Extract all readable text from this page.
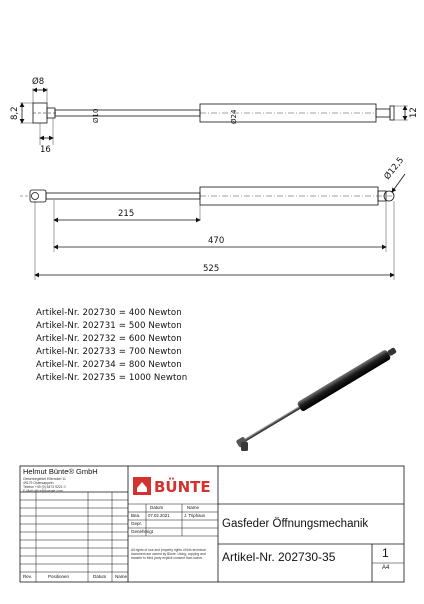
Ø8
8,2
16
Ø10	Ø24	12
Ø12,5
215
470
525
BÜNTE
Artikel-Nr. 202730 = 400 Newton
Artikel-Nr. 202731 = 500 Newton
Artikel-Nr. 202732 = 600 Newton
Artikel-Nr. 202733 = 700 Newton
Artikel-Nr. 202734 = 800 Newton
Artikel-Nr. 202735 = 1000 Newton
Helmut Bünte® GmbH
Gewerbegebiet Ellerndorf 11
49179 Ostercappeln
Telefon +49 (0) 5473 9221 0
E-Mail office@buente.com
Datum	Name
Bea. 07.02.2021	J. Triphaus
Gepr.
Genehmigt
Gasfeder Öffnungsmechanik
All rights of use and property rights of this technical document are owned by Bünte. Using, copying and transfer to third party explicit consent from owner.	Artikel-Nr. 202730-35	1
A4
Rev.	Positionen	Datum Name
